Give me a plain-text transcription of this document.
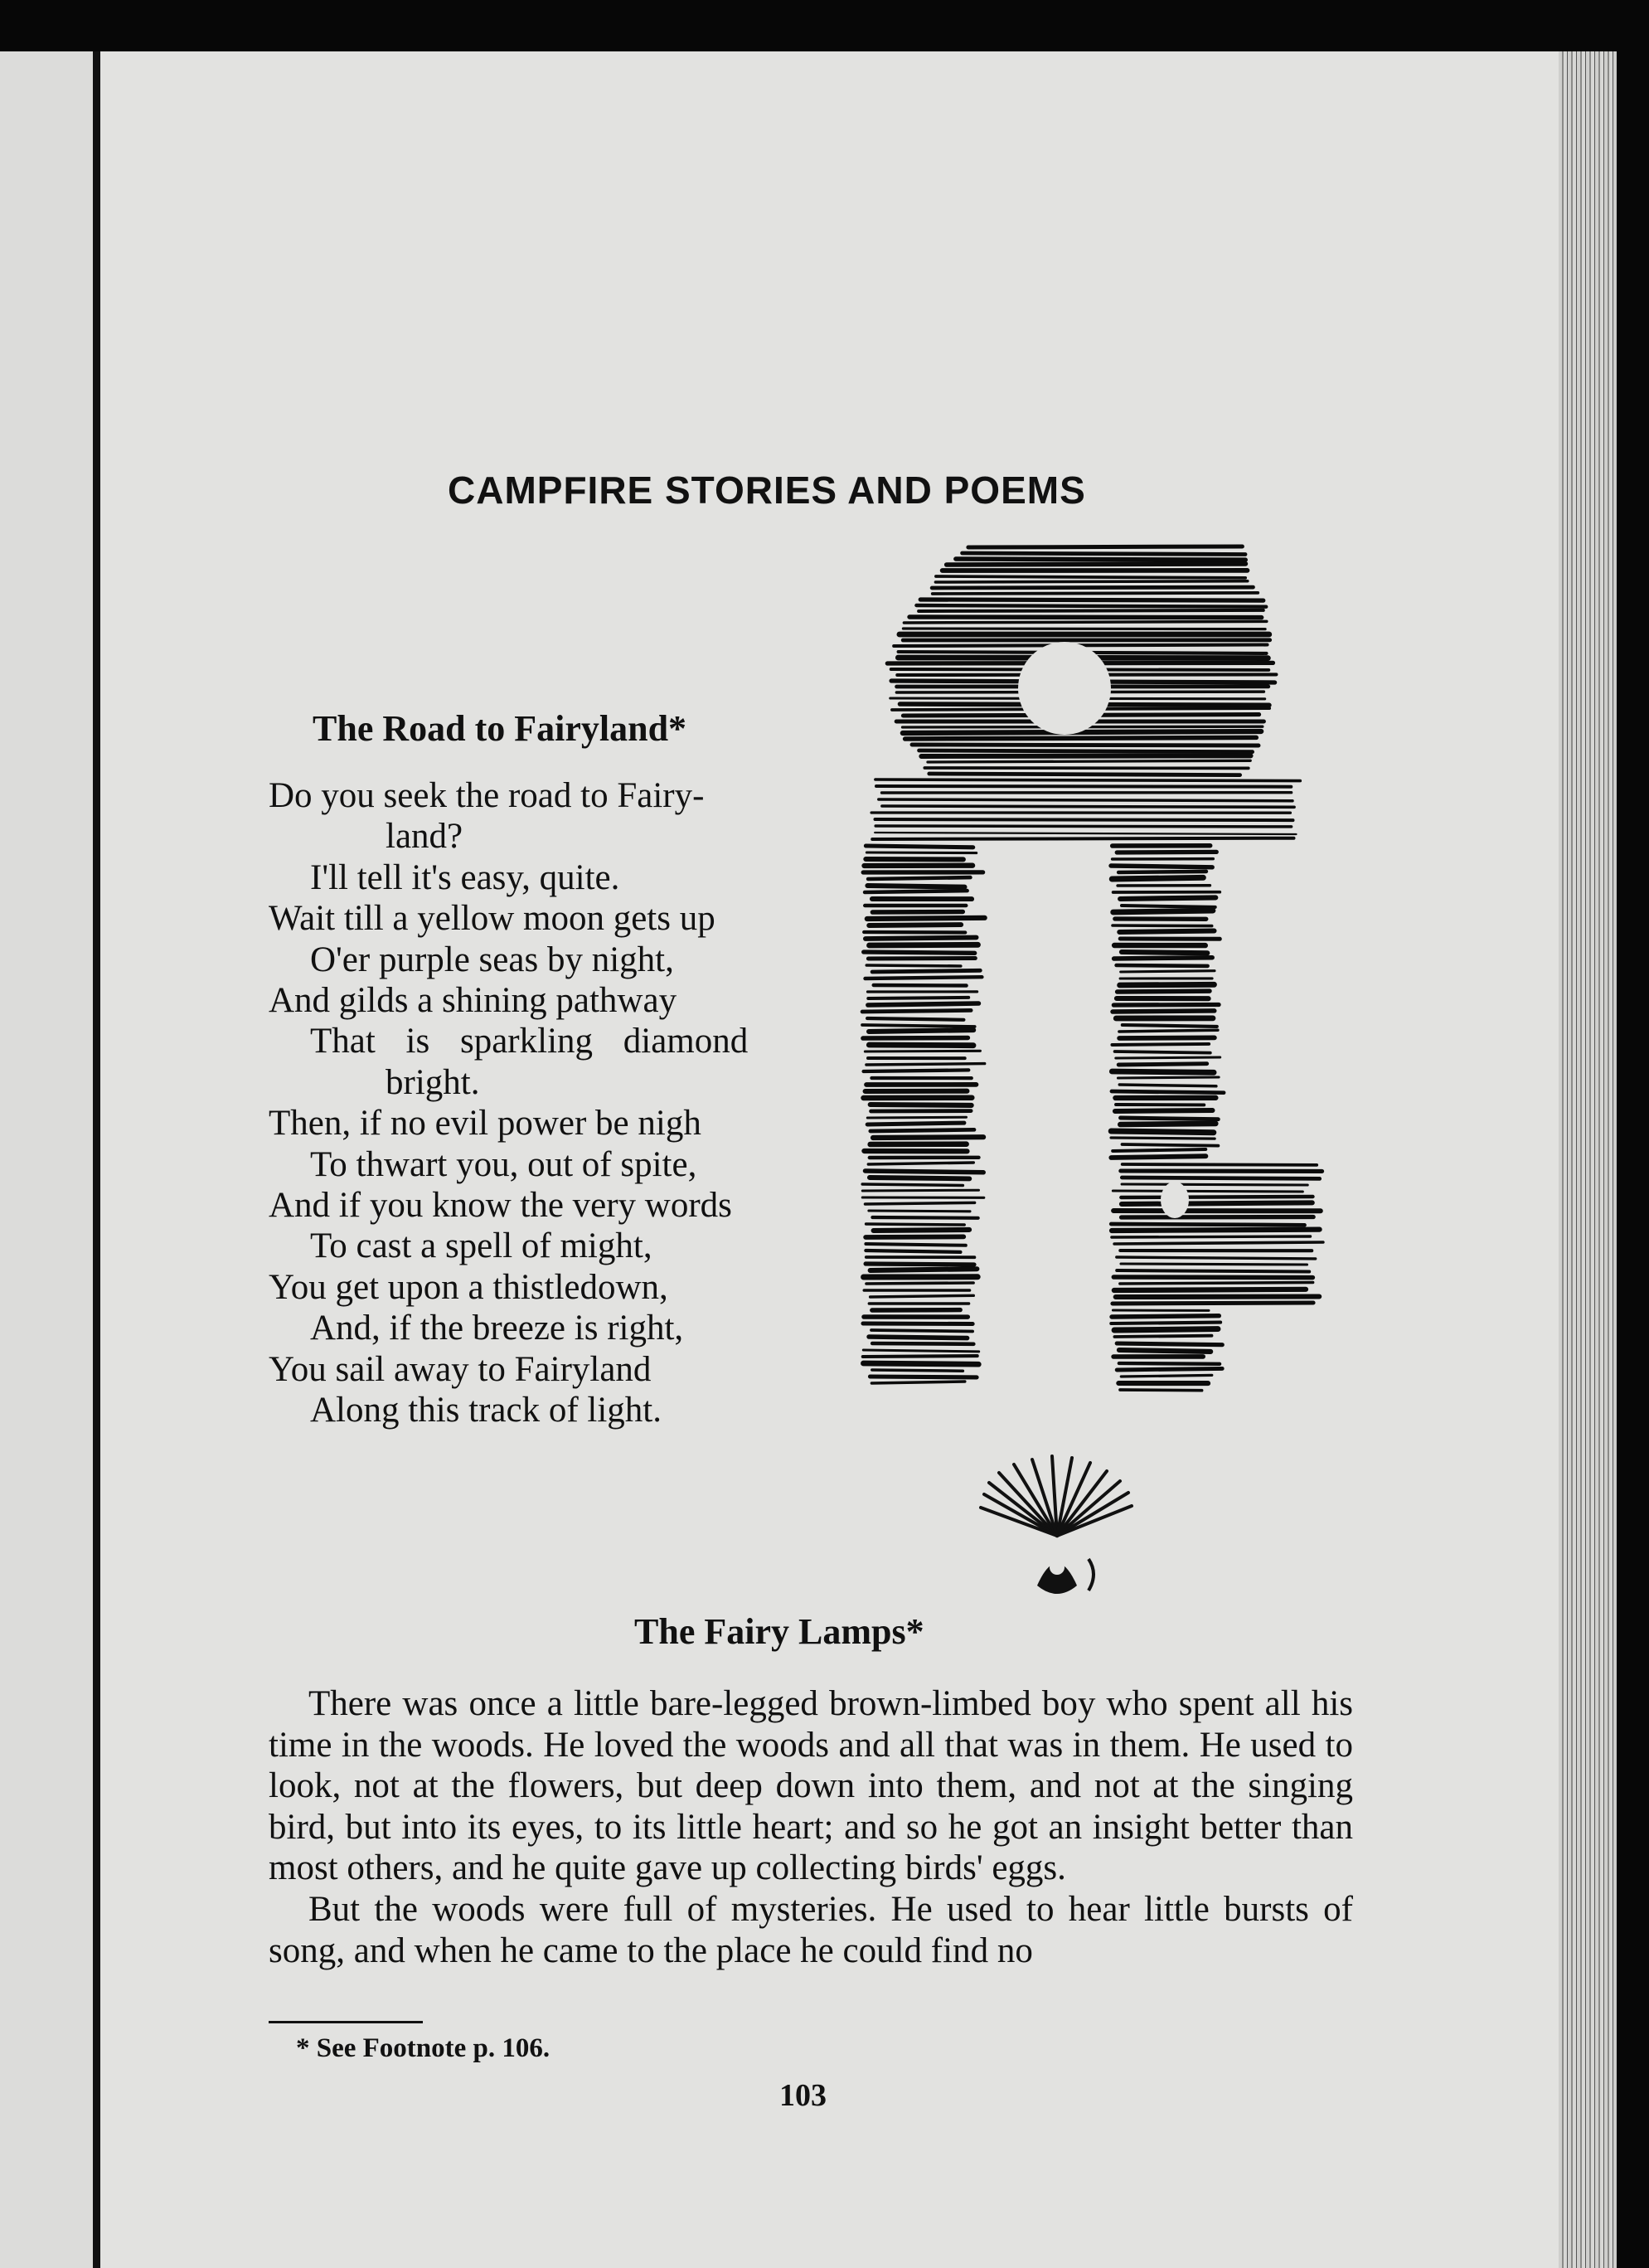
CAMPFIRE STORIES AND POEMS
The Road to Fairyland*
Do you seek the road to Fairy-
land?
I'll tell it's easy, quite.
Wait till a yellow moon gets up
O'er purple seas by night,
And gilds a shining pathway
That is sparkling diamond
bright.
Then, if no evil power be nigh
To thwart you, out of spite,
And if you know the very words
To cast a spell of might,
You get upon a thistledown,
And, if the breeze is right,
You sail away to Fairyland
Along this track of light.
The Fairy Lamps*

There was once a little bare-legged brown-limbed boy who spent all his time in the woods. He loved the woods and all that was in them. He used to look, not at the flowers, but deep down into them, and not at the singing bird, but into its eyes, to its little heart; and so he got an insight better than most others, and he quite gave up collecting birds' eggs.

But the woods were full of mysteries. He used to hear little bursts of song, and when he came to the place he could find no

* See Footnote p. 106.
103
